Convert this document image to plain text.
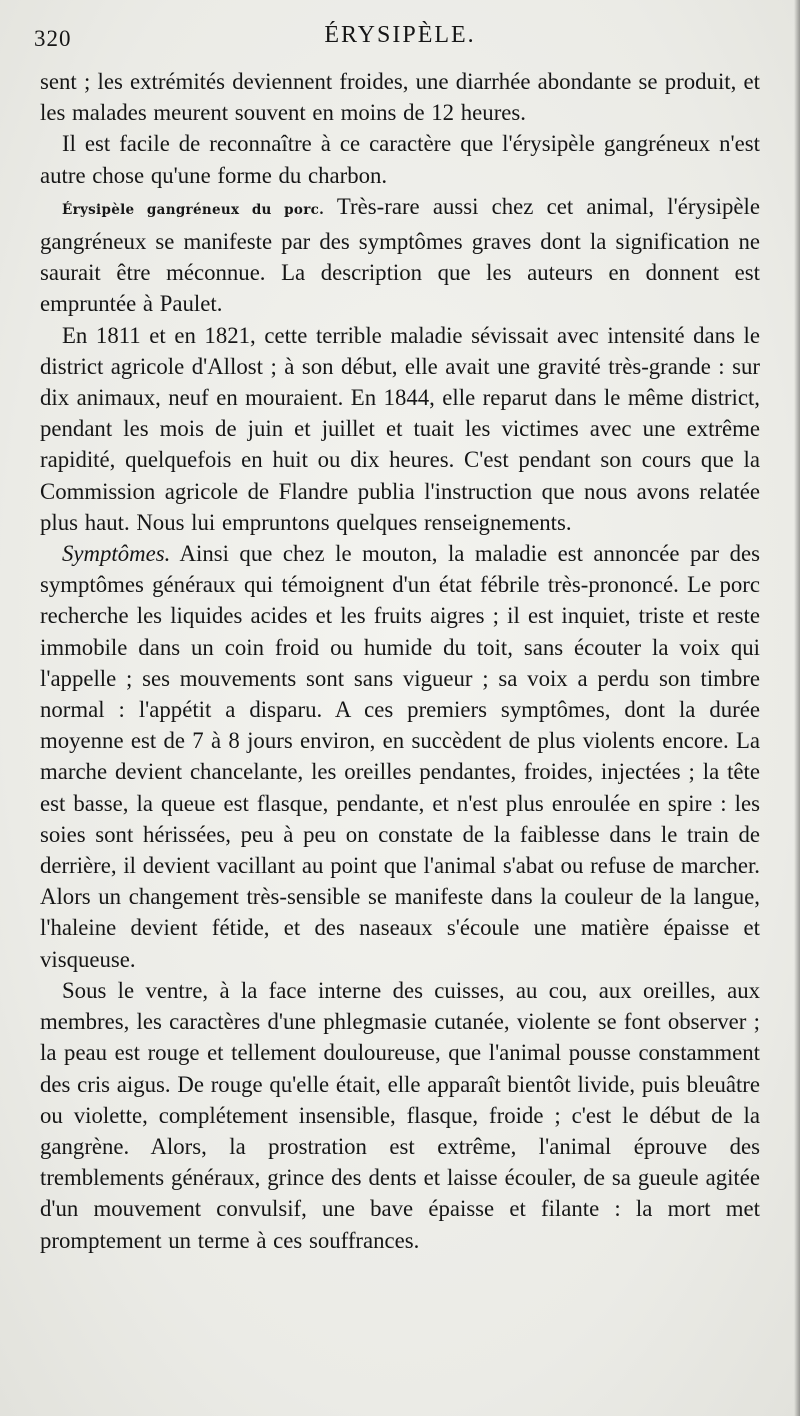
320	ÉRYSIPÈLE.

sent ; les extrémités deviennent froides, une diarrhée abondante se produit, et les malades meurent souvent en moins de 12 heures.

Il est facile de reconnaître à ce caractère que l'érysipèle gangréneux n'est autre chose qu'une forme du charbon.

Érysipèle gangréneux du porc. Très-rare aussi chez cet animal, l'érysipèle gangréneux se manifeste par des symptômes graves dont la signification ne saurait être méconnue. La description que les auteurs en donnent est empruntée à Paulet.

En 1811 et en 1821, cette terrible maladie sévissait avec intensité dans le district agricole d'Allost ; à son début, elle avait une gravité très-grande : sur dix animaux, neuf en mouraient. En 1844, elle reparut dans le même district, pendant les mois de juin et juillet et tuait les victimes avec une extrême rapidité, quelquefois en huit ou dix heures. C'est pendant son cours que la Commission agricole de Flandre publia l'instruction que nous avons relatée plus haut. Nous lui empruntons quelques renseignements.

Symptômes. Ainsi que chez le mouton, la maladie est annoncée par des symptômes généraux qui témoignent d'un état fébrile très-prononcé. Le porc recherche les liquides acides et les fruits aigres ; il est inquiet, triste et reste immobile dans un coin froid ou humide du toit, sans écouter la voix qui l'appelle ; ses mouvements sont sans vigueur ; sa voix a perdu son timbre normal : l'appétit a disparu. A ces premiers symptômes, dont la durée moyenne est de 7 à 8 jours environ, en succèdent de plus violents encore. La marche devient chancelante, les oreilles pendantes, froides, injectées ; la tête est basse, la queue est flasque, pendante, et n'est plus enroulée en spire : les soies sont hérissées, peu à peu on constate de la faiblesse dans le train de derrière, il devient vacillant au point que l'animal s'abat ou refuse de marcher. Alors un changement très-sensible se manifeste dans la couleur de la langue, l'haleine devient fétide, et des naseaux s'écoule une matière épaisse et visqueuse.

Sous le ventre, à la face interne des cuisses, au cou, aux oreilles, aux membres, les caractères d'une phlegmasie cutanée, violente se font observer ; la peau est rouge et tellement douloureuse, que l'animal pousse constamment des cris aigus. De rouge qu'elle était, elle apparaît bientôt livide, puis bleuâtre ou violette, complétement insensible, flasque, froide ; c'est le début de la gangrène. Alors, la prostration est extrême, l'animal éprouve des tremblements généraux, grince des dents et laisse écouler, de sa gueule agitée d'un mouvement convulsif, une bave épaisse et filante : la mort met promptement un terme à ces souffrances.
